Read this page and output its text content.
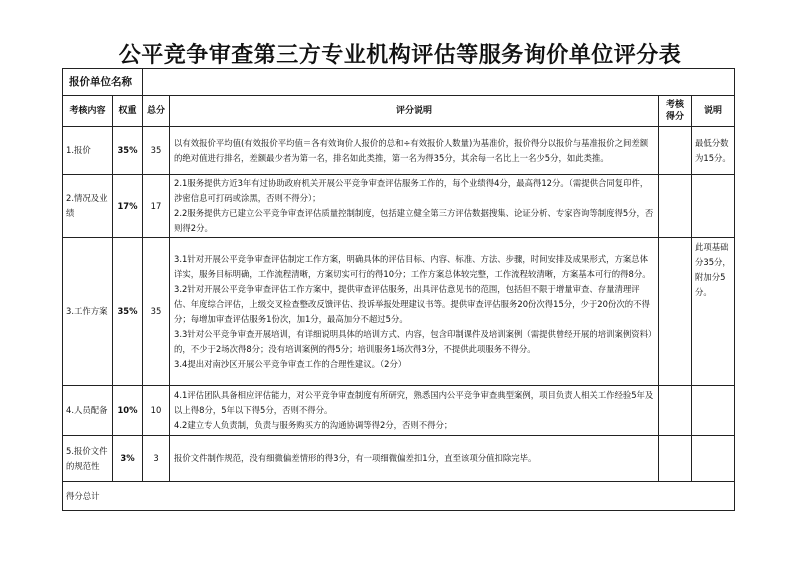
公平竞争审查第三方专业机构评估等服务询价单位评分表
报价单位名称					
考核内容	权重	总分	评分说明	考核得分	说明
1.报价	35%	35	以有效报价平均值(有效报价平均值＝各有效询价人报价的总和÷有效报价人数量)为基准价，报价得分以报价与基准报价之间差额的绝对值进行排名，差额最少者为第一名，排名如此类推，第一名为得35分，其余每一名比上一名少5分，如此类推。		最低分数为15分。
2.情况及业绩	17%	17	2.1服务提供方近3年有过协助政府机关开展公平竞争审查评估服务工作的，每个业绩得4分，最高得12分。（需提供合同复印件，涉密信息可打码或涂黑，否则不得分）；

2.2服务提供方已建立公平竞争审查评估质量控制制度，包括建立健全第三方评估数据搜集、论证分析、专家咨询等制度得5分，否则得2分。		

3.工作方案	35%	35	3.1针对开展公平竞争审查评估制定工作方案，明确具体的评估目标、内容、标准、方法、步骤，时间安排及成果形式，方案总体详实，服务目标明确，工作流程清晰，方案切实可行的得10分；工作方案总体较完整，工作流程较清晰，方案基本可行的得8分。

3.2针对开展公平竞争审查评估工作方案中，提供审查评估服务，出具评估意见书的范围，包括但不限于增量审查、存量清理评估、年度综合评估，上级交叉检查整改反馈评估、投诉举报处理建议书等。提供审查评估服务20份次得15分，少于20份次的不得分；每增加审查评估服务1份次，加1分，最高加分不超过5分。

3.3针对公平竞争审查开展培训，有详细说明具体的培训方式、内容，包含印制课件及培训案例（需提供曾经开展的培训案例资料）的，不少于2场次得8分；没有培训案例的得5分；培训服务1场次得3分，不提供此项服务不得分。

3.4提出对南沙区开展公平竞争审查工作的合理性建议。（2分）		此项基础分35分，附加分5分。
4.人员配备	10%	10	4.1评估团队具备相应评估能力，对公平竞争审查制度有所研究，熟悉国内公平竞争审查典型案例，项目负责人相关工作经验5年及以上得8分，5年以下得5分，否则不得分。

4.2建立专人负责制，负责与服务购买方的沟通协调等得2分，否则不得分；		

5.报价文件的规范性	3%	3	报价文件制作规范，没有细微偏差情形的得3分，有一项细微偏差扣1分，直至该项分值扣除完毕。		

得分总计					
